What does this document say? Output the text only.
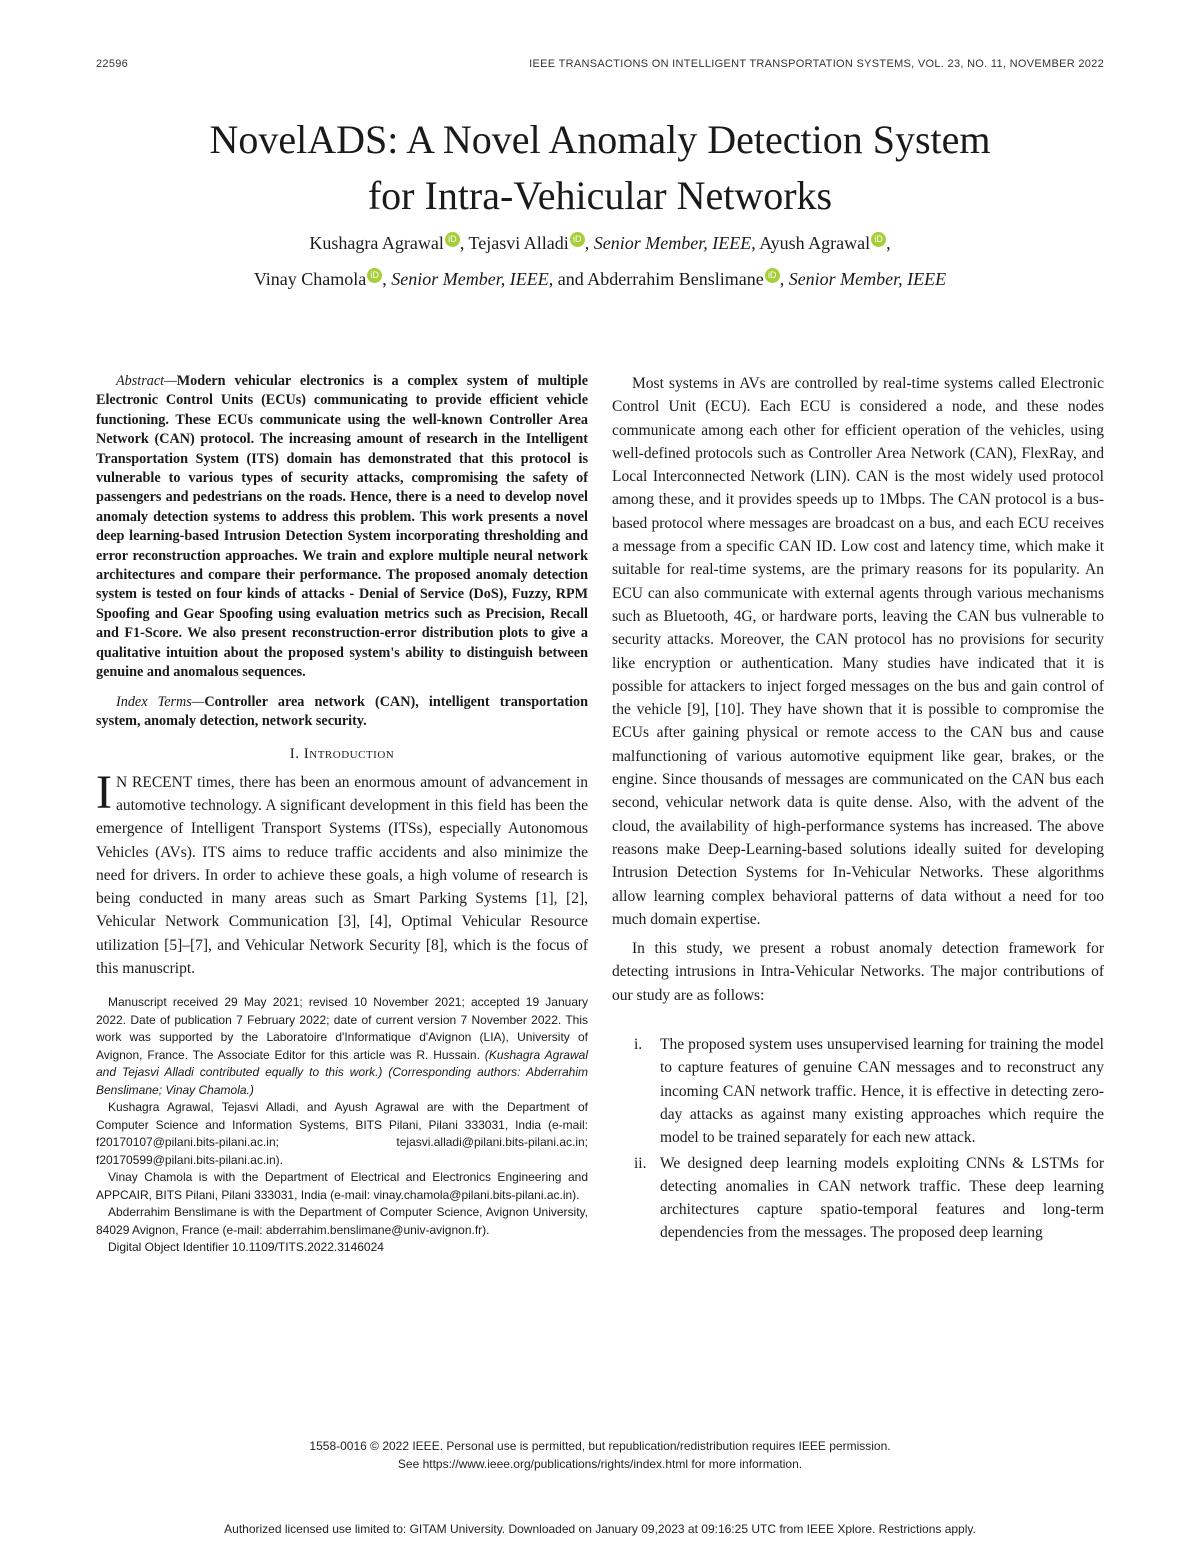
22596	IEEE TRANSACTIONS ON INTELLIGENT TRANSPORTATION SYSTEMS, VOL. 23, NO. 11, NOVEMBER 2022
NovelADS: A Novel Anomaly Detection System
for Intra-Vehicular Networks
Kushagra Agrawal iD , Tejasvi Alladi iD , Senior Member, IEEE, Ayush Agrawal iD ,
Vinay Chamola iD , Senior Member, IEEE, and Abderrahim Benslimane iD , Senior Member, IEEE

Abstract—Modern vehicular electronics is a complex system of multiple Electronic Control Units (ECUs) communicating to provide efficient vehicle functioning. These ECUs communicate using the well-known Controller Area Network (CAN) protocol. The increasing amount of research in the Intelligent Transportation System (ITS) domain has demonstrated that this protocol is vulnerable to various types of security attacks, compromising the safety of passengers and pedestrians on the roads. Hence, there is a need to develop novel anomaly detection systems to address this problem. This work presents a novel deep learning-based Intrusion Detection System incorporating thresholding and error reconstruction approaches. We train and explore multiple neural network architectures and compare their performance. The proposed anomaly detection system is tested on four kinds of attacks - Denial of Service (DoS), Fuzzy, RPM Spoofing and Gear Spoofing using evaluation metrics such as Precision, Recall and F1-Score. We also present reconstruction-error distribution plots to give a qualitative intuition about the proposed system's ability to distinguish between genuine and anomalous sequences.

Index Terms—Controller area network (CAN), intelligent transportation system, anomaly detection, network security.

I. Introduction

I N RECENT times, there has been an enormous amount of advancement in automotive technology. A significant development in this field has been the emergence of Intelligent Transport Systems (ITSs), especially Autonomous Vehicles (AVs). ITS aims to reduce traffic accidents and also minimize the need for drivers. In order to achieve these goals, a high volume of research is being conducted in many areas such as Smart Parking Systems [1], [2], Vehicular Network Communication [3], [4], Optimal Vehicular Resource utilization [5]–[7], and Vehicular Network Security [8], which is the focus of this manuscript.

Manuscript received 29 May 2021; revised 10 November 2021; accepted 19 January 2022. Date of publication 7 February 2022; date of current version 7 November 2022. This work was supported by the Laboratoire d'Informatique d'Avignon (LIA), University of Avignon, France. The Associate Editor for this article was R. Hussain. (Kushagra Agrawal and Tejasvi Alladi contributed equally to this work.) (Corresponding authors: Abderrahim Benslimane; Vinay Chamola.)

Kushagra Agrawal, Tejasvi Alladi, and Ayush Agrawal are with the Department of Computer Science and Information Systems, BITS Pilani, Pilani 333031, India (e-mail: f20170107@pilani.bits-pilani.ac.in; tejasvi.alladi@pilani.bits-pilani.ac.in; f20170599@pilani.bits-pilani.ac.in).

Vinay Chamola is with the Department of Electrical and Electronics Engineering and APPCAIR, BITS Pilani, Pilani 333031, India (e-mail: vinay.chamola@pilani.bits-pilani.ac.in).

Abderrahim Benslimane is with the Department of Computer Science, Avignon University, 84029 Avignon, France (e-mail: abderrahim.benslimane@univ-avignon.fr).

Digital Object Identifier 10.1109/TITS.2022.3146024

Most systems in AVs are controlled by real-time systems called Electronic Control Unit (ECU). Each ECU is considered a node, and these nodes communicate among each other for efficient operation of the vehicles, using well-defined protocols such as Controller Area Network (CAN), FlexRay, and Local Interconnected Network (LIN). CAN is the most widely used protocol among these, and it provides speeds up to 1Mbps. The CAN protocol is a bus-based protocol where messages are broadcast on a bus, and each ECU receives a message from a specific CAN ID. Low cost and latency time, which make it suitable for real-time systems, are the primary reasons for its popularity. An ECU can also communicate with external agents through various mechanisms such as Bluetooth, 4G, or hardware ports, leaving the CAN bus vulnerable to security attacks. Moreover, the CAN protocol has no provisions for security like encryption or authentication. Many studies have indicated that it is possible for attackers to inject forged messages on the bus and gain control of the vehicle [9], [10]. They have shown that it is possible to compromise the ECUs after gaining physical or remote access to the CAN bus and cause malfunctioning of various automotive equipment like gear, brakes, or the engine. Since thousands of messages are communicated on the CAN bus each second, vehicular network data is quite dense. Also, with the advent of the cloud, the availability of high-performance systems has increased. The above reasons make Deep-Learning-based solutions ideally suited for developing Intrusion Detection Systems for In-Vehicular Networks. These algorithms allow learning complex behavioral patterns of data without a need for too much domain expertise.

In this study, we present a robust anomaly detection framework for detecting intrusions in Intra-Vehicular Networks. The major contributions of our study are as follows:

i. The proposed system uses unsupervised learning for training the model to capture features of genuine CAN messages and to reconstruct any incoming CAN network traffic. Hence, it is effective in detecting zero-day attacks as against many existing approaches which require the model to be trained separately for each new attack.
ii. We designed deep learning models exploiting CNNs & LSTMs for detecting anomalies in CAN network traffic. These deep learning architectures capture spatio-temporal features and long-term dependencies from the messages. The proposed deep learning
1558-0016 © 2022 IEEE. Personal use is permitted, but republication/redistribution requires IEEE permission.
See https://www.ieee.org/publications/rights/index.html for more information.
Authorized licensed use limited to: GITAM University. Downloaded on January 09,2023 at 09:16:25 UTC from IEEE Xplore. Restrictions apply.
